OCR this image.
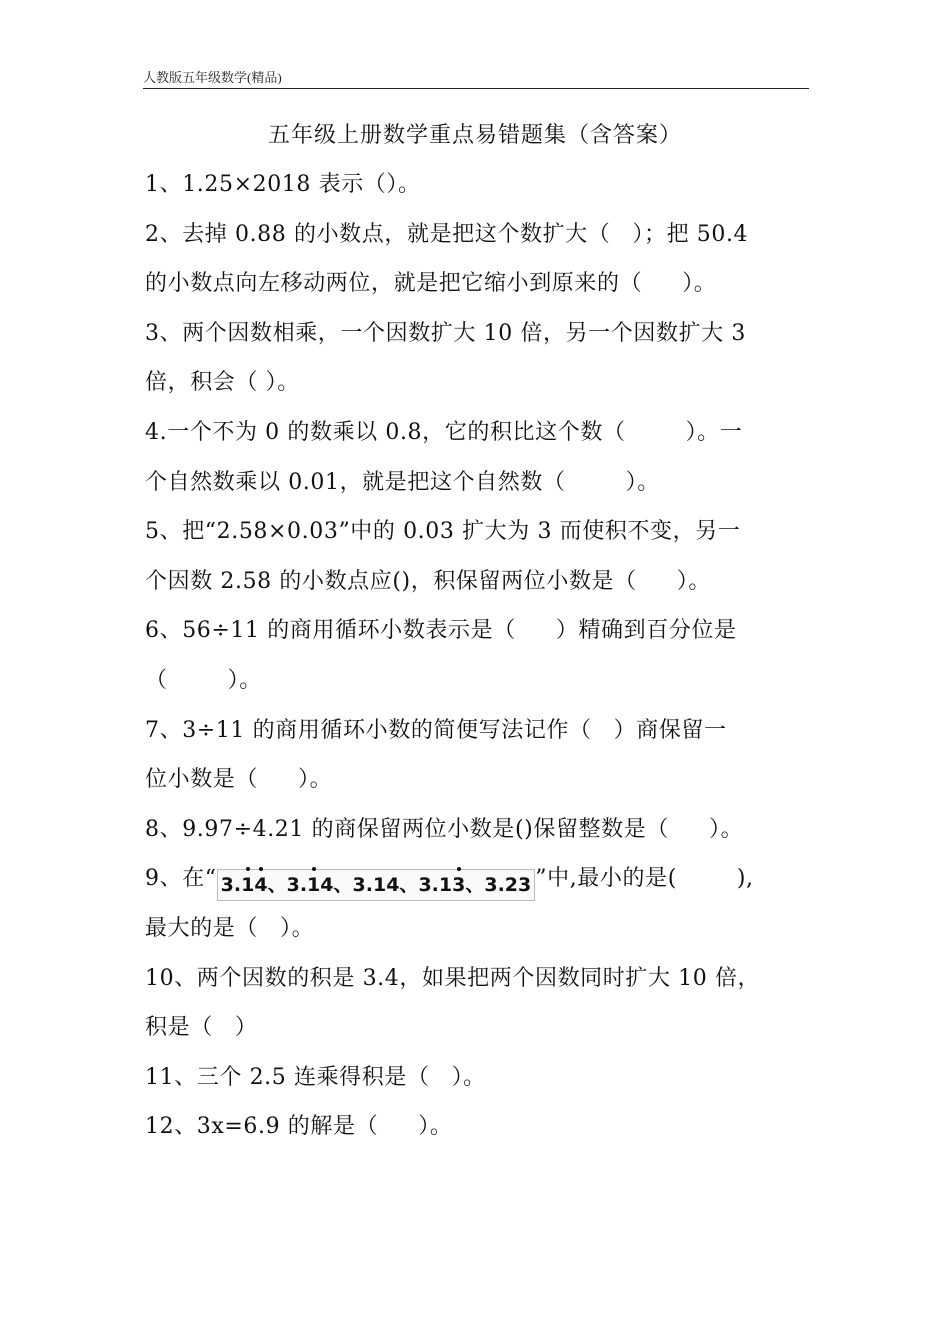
人教版五年级数学(精品)
五年级上册数学重点易错题集（含答案）

1、1.25×2018 表示（）。

2、去掉 0.88 的小数点，就是把这个数扩大（ ）；把 50.4

的小数点向左移动两位，就是把它缩小到原来的（ ）。

3、两个因数相乘，一个因数扩大 10 倍，另一个因数扩大 3

倍，积会（ ）。

4.一个不为 0 的数乘以 0.8，它的积比这个数（	）。一

个自然数乘以 0.01，就是把这个自然数（	）。

5、把“2.58×0.03”中的 0.03 扩大为 3 而使积不变，另一

个因数 2.58 的小数点应()，积保留两位小数是（ ）。

6、56÷11 的商用循环小数表示是（ ）精确到百分位是

（	）。

7、3÷11 的商用循环小数的简便写法记作（ ）商保留一

位小数是（ ）。

8、9.97÷4.21 的商保留两位小数是()保留整数是（ ）。

9、在“ 3.14、3.14、3.14、3.13、3.23 ”中,最小的是(	),

最大的是（ ）。

10、两个因数的积是 3.4，如果把两个因数同时扩大 10 倍，

积是（ ）

11、三个 2.5 连乘得积是（ ）。

12、3x=6.9 的解是（ ）。
